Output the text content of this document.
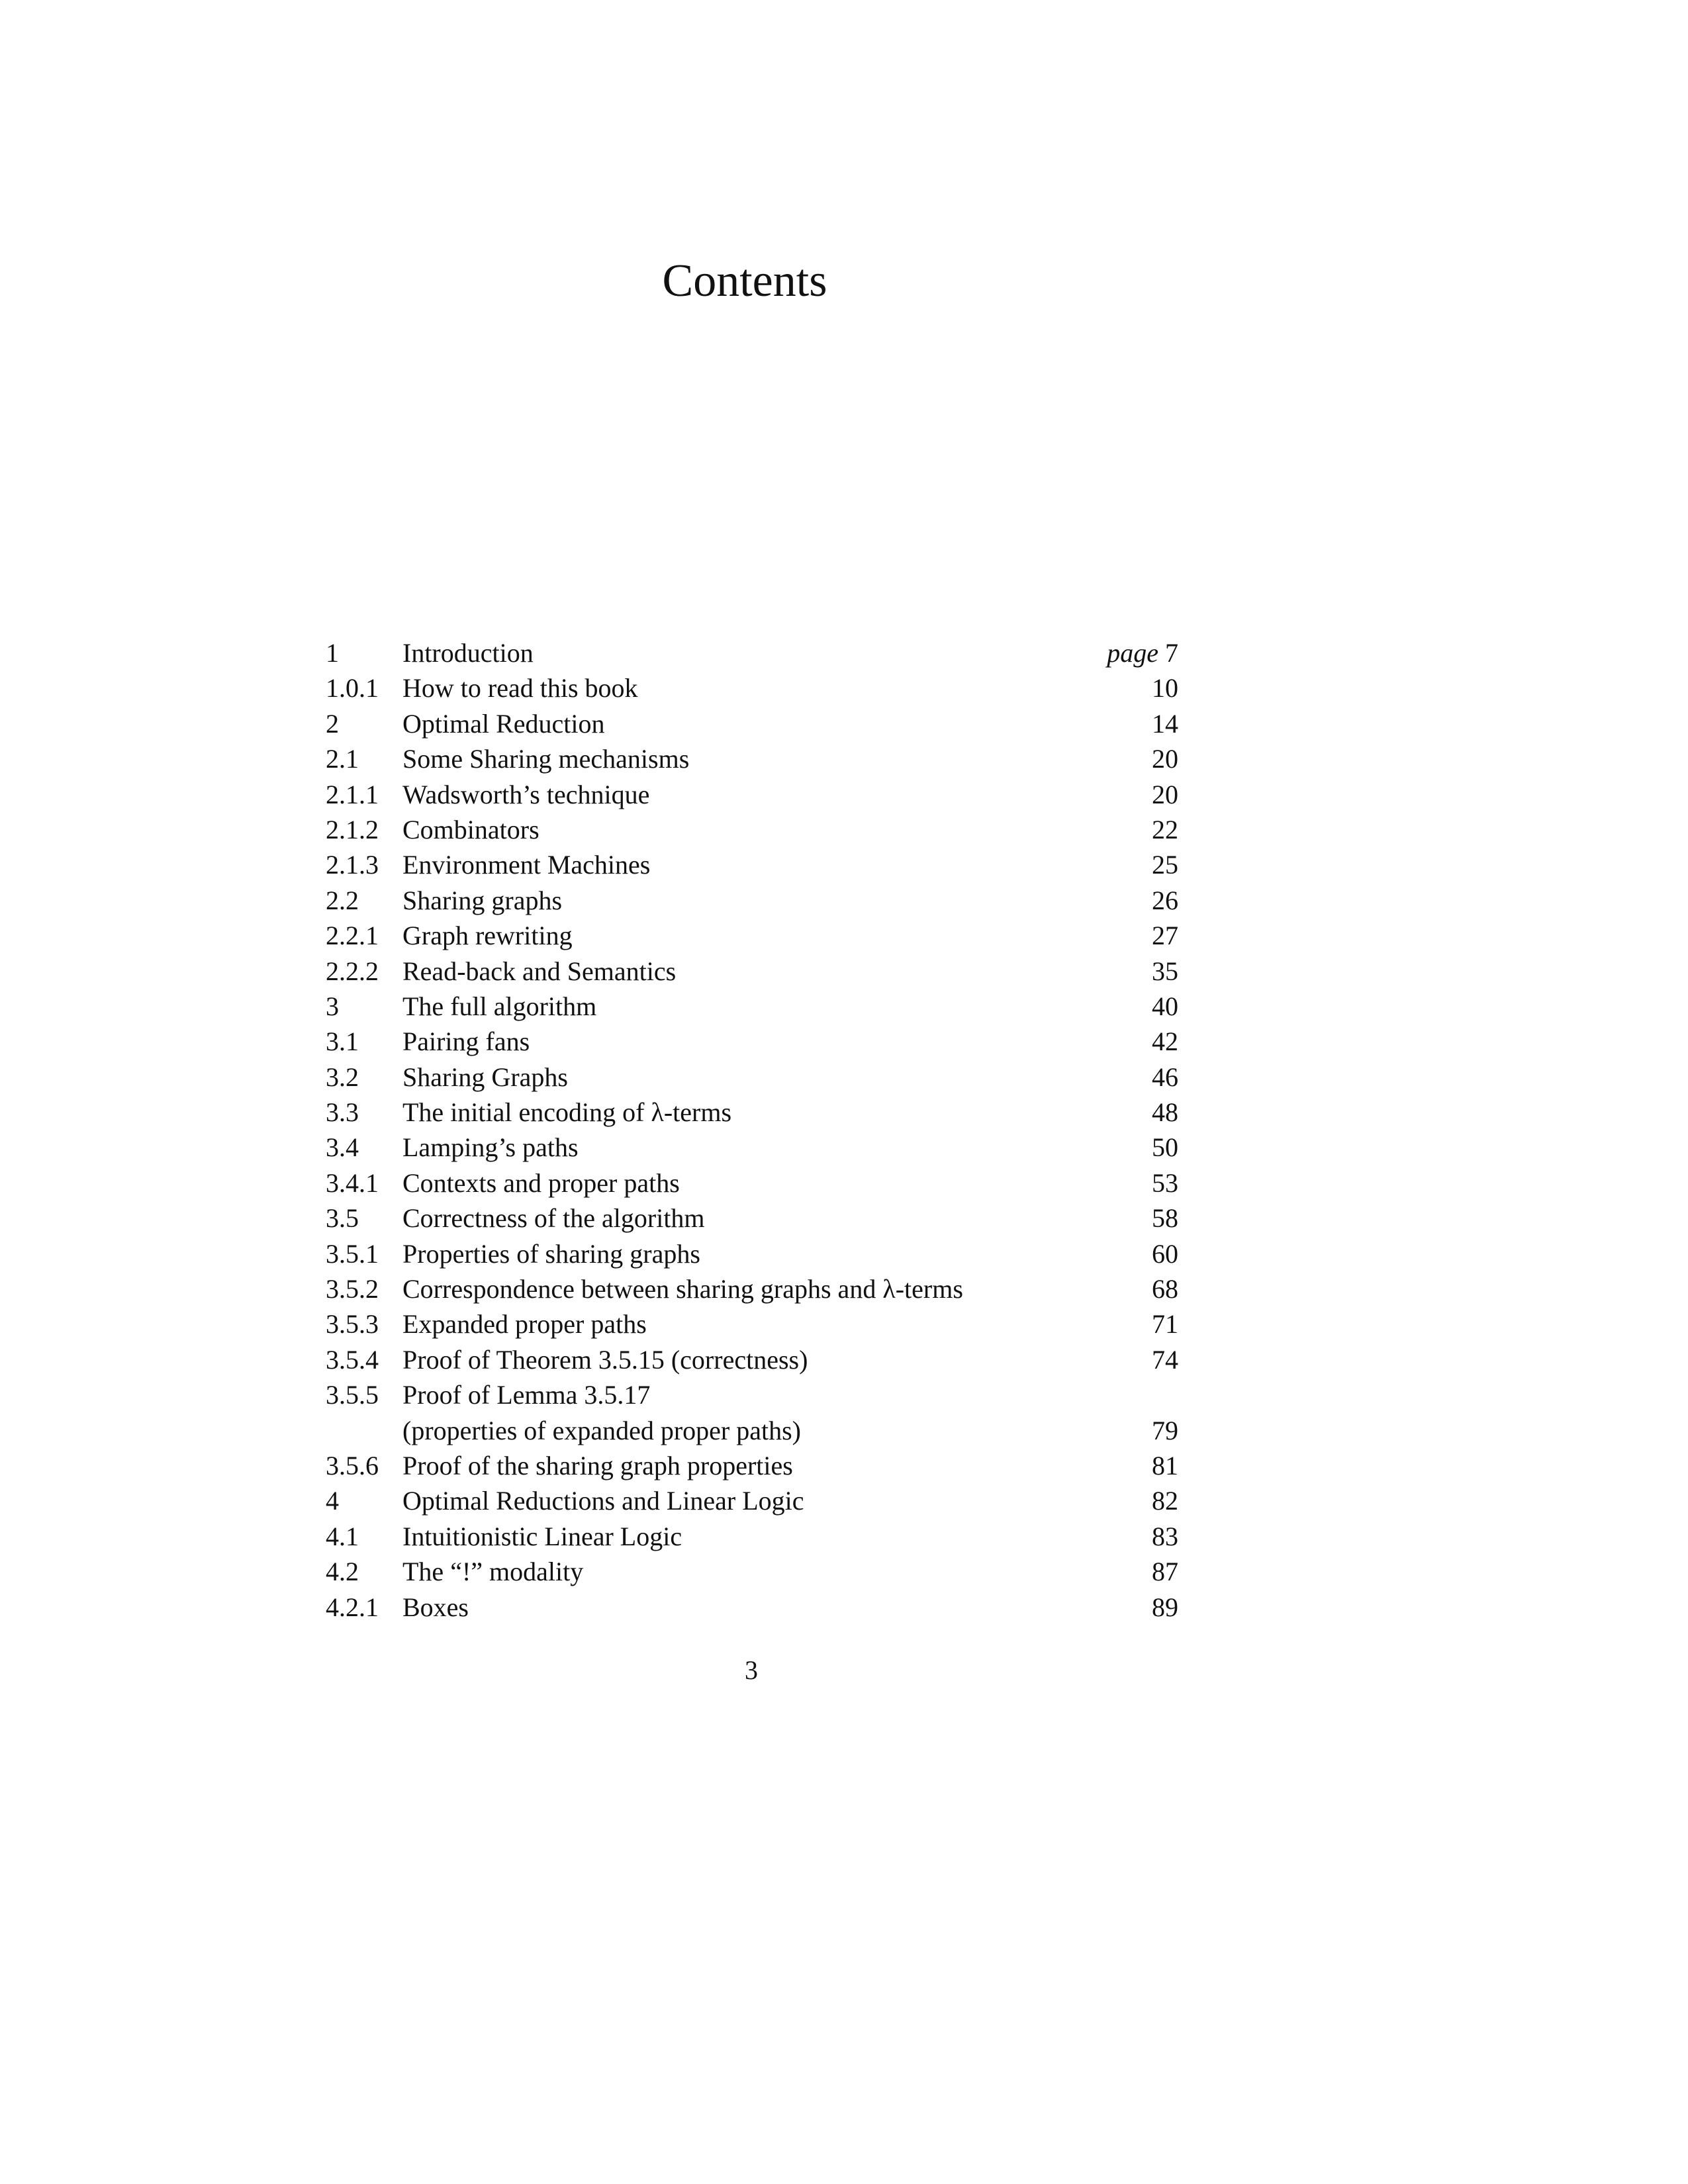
Contents
1	Introduction	page 7
1.0.1 How to read this book	10
2	Optimal Reduction	14
2.1	Some Sharing mechanisms	20
2.1.1 Wadsworth’s technique	20
2.1.2 Combinators	22
2.1.3 Environment Machines	25
2.2	Sharing graphs	26
2.2.1 Graph rewriting	27
2.2.2 Read-back and Semantics	35
3	The full algorithm	40
3.1	Pairing fans	42
3.2	Sharing Graphs	46
3.3	The initial encoding of λ-terms	48
3.4	Lamping’s paths	50
3.4.1 Contexts and proper paths	53
3.5	Correctness of the algorithm	58
3.5.1 Properties of sharing graphs	60
3.5.2 Correspondence between sharing graphs and λ-terms	68
3.5.3 Expanded proper paths	71
3.5.4 Proof of Theorem 3.5.15 (correctness)	74
3.5.5 Proof of Lemma 3.5.17
(properties of expanded proper paths)	79
3.5.6 Proof of the sharing graph properties	81
4	Optimal Reductions and Linear Logic	82
4.1	Intuitionistic Linear Logic	83
4.2	The “!” modality	87
4.2.1 Boxes	89
3
